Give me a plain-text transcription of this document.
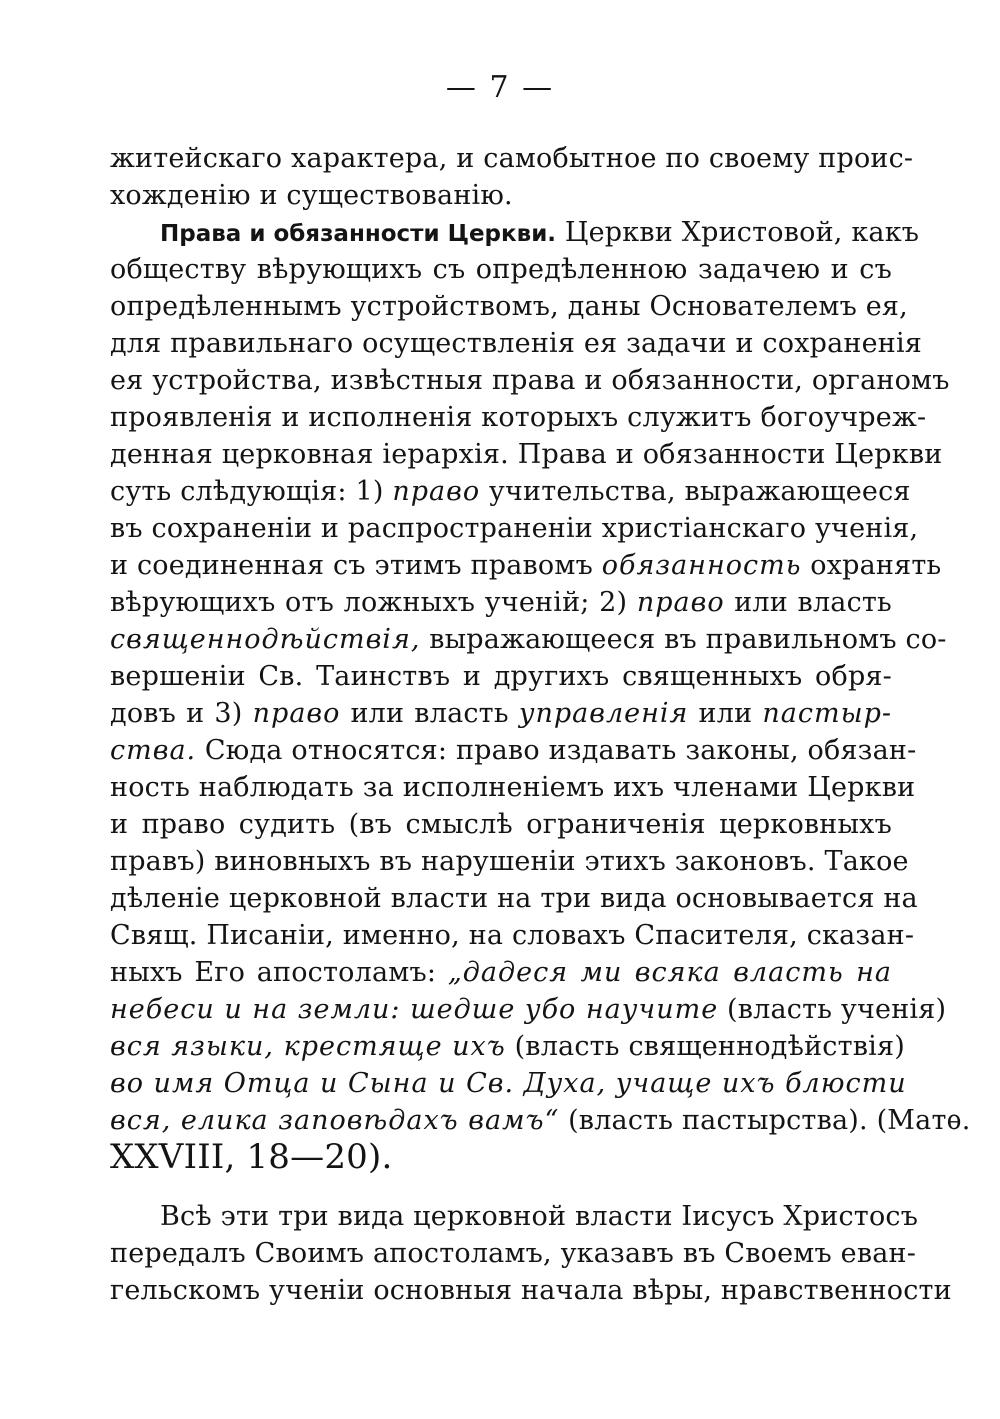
— 7 —
житейскаго характера, и самобытное по своему проис-
хожденію и существованію.
Права и обязанности Церкви. Церкви Христовой, какъ
обществу вѣрующихъ съ опредѣленною задачею и съ
опредѣленнымъ устройствомъ, даны Основателемъ ея,
для правильнаго осуществленія ея задачи и сохраненія
ея устройства, извѣстныя права и обязанности, органомъ
проявленія и исполненія которыхъ служитъ богоучреж-
денная церковная іерархія. Права и обязанности Церкви
суть слѣдующія: 1) право учительства, выражающееся
въ сохраненіи и распространеніи христіанскаго ученія,
и соединенная съ этимъ правомъ обязанность охранять
вѣрующихъ отъ ложныхъ ученій; 2) право или власть
священнодѣйствія, выражающееся въ правильномъ со-
вершеніи Св. Таинствъ и другихъ священныхъ обря-
довъ и 3) право или власть управленія или пастыр-
ства. Сюда относятся: право издавать законы, обязан-
ность наблюдать за исполненіемъ ихъ членами Церкви
и право судить (въ смыслѣ ограниченія церковныхъ
правъ) виновныхъ въ нарушеніи этихъ законовъ. Такое
дѣленіе церковной власти на три вида основывается на
Свящ. Писаніи, именно, на словахъ Спасителя, сказан-
ныхъ Его апостоламъ: „дадеся ми всяка власть на
небеси и на земли: шедше убо научите (власть ученія)
вся языки, крестяще ихъ (власть священнодѣйствія)
во имя Отца и Сына и Св. Духа, учаще ихъ блюсти
вся, елика заповѣдахъ вамъ“ (власть пастырства). (Матѳ.
XXVIII, 18—20).
Всѣ эти три вида церковной власти Іисусъ Христосъ
передалъ Своимъ апостоламъ, указавъ въ Своемъ еван-
гельскомъ ученіи основныя начала вѣры, нравственности
